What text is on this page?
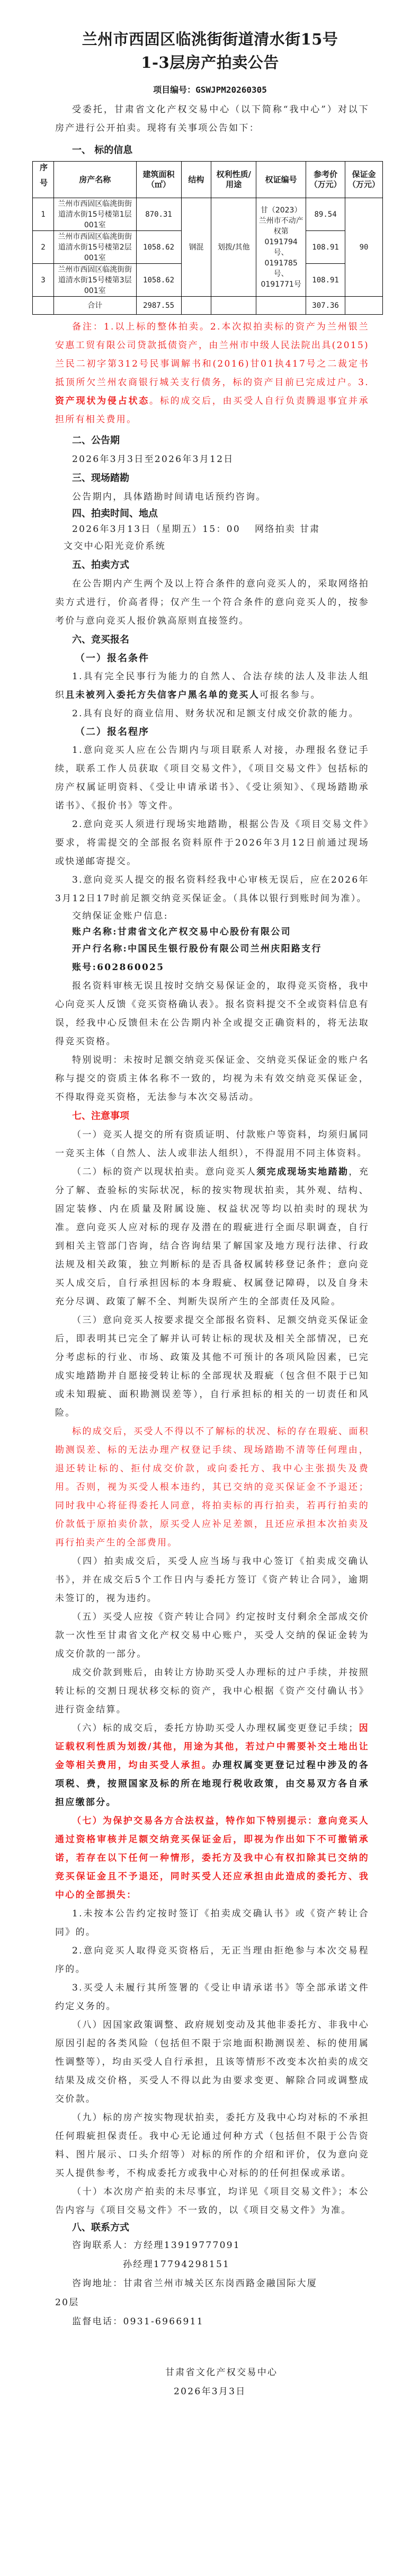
兰州市西固区临洮街街道清水街15号
1-3层房产拍卖公告
项目编号：GSWJPM20260305

受委托，甘肃省文化产权交易中心（以下简称“我中心”）对以下房产进行公开拍卖。现将有关事项公告如下：

一、 标的信息
序号	房产名称	建筑面积（㎡）	结构	权利性质/用途	权证编号	参考价（万元）	保证金（万元）
1	兰州市西固区临洮街街道清水街15号楼第1层001室	870.31	钢混	划拨/其他	甘（2023）兰州市不动产权第0191794号、0191785号、0191771号	89.54	90
2	兰州市西固区临洮街街道清水街15号楼第2层001室	1058.62				108.91	
3	兰州市西固区临洮街街道清水街15号楼第3层001室	1058.62				108.91	
	合计	2987.55				307.36	

备注：1.以上标的整体拍卖。2.本次拟拍卖标的资产为兰州银兰安惠工贸有限公司贷款抵债资产，由兰州市中级人民法院出具(2015)兰民二初字第312号民事调解书和(2016)甘01执417号之二裁定书抵顶所欠兰州农商银行城关支行债务，标的资产目前已完成过户。3.资产现状为侵占状态。标的成交后，由买受人自行负责腾退事宜并承担所有相关费用。

二、公告期

2026年3月3日至2026年3月12日

三、现场踏勘

公告期内，具体踏勘时间请电话预约咨询。

四、拍卖时间、地点

2026年3月13日（星期五）15：00　 网络拍卖 甘肃

文交中心阳光竞价系统

五、拍卖方式

在公告期内产生两个及以上符合条件的意向竞买人的，采取网络拍卖方式进行，价高者得；仅产生一个符合条件的意向竞买人的，按参考价与意向竞买人报价孰高原则直接签约。

六、竞买报名
（一）报名条件

1.具有完全民事行为能力的自然人、合法存续的法人及非法人组织且未被列入委托方失信客户黑名单的竞买人可报名参与。

2.具有良好的商业信用、财务状况和足额支付成交价款的能力。

（二）报名程序

1.意向竞买人应在公告期内与项目联系人对接，办理报名登记手续，联系工作人员获取《项目交易文件》，《项目交易文件》包括标的房产权属证明资料、《受让申请承诺书》、《受让须知》、《现场踏勘承诺书》、《报价书》等文件。

2.意向竞买人须进行现场实地踏勘，根据公告及《项目交易文件》要求，将需提交的全部报名资料原件于2026年3月12日前通过现场或快递邮寄提交。

3.意向竞买人提交的报名资料经我中心审核无误后，应在2026年3月12日17时前足额交纳竞买保证金。（具体以银行到账时间为准）。

交纳保证金账户信息:

账户名称:甘肃省文化产权交易中心股份有限公司

开户行名称:中国民生银行股份有限公司兰州庆阳路支行

账号:602860025

报名资料审核无误且按时交纳交易保证金的，取得竞买资格，我中心向竞买人反馈《竞买资格确认表》。报名资料提交不全或资料信息有误，经我中心反馈但未在公告期内补全或提交正确资料的，将无法取得竞买资格。

特别说明：未按时足额交纳竞买保证金、交纳竞买保证金的账户名称与提交的资质主体名称不一致的，均视为未有效交纳竞买保证金，不得取得竞买资格，无法参与本次交易活动。

七、注意事项

（一）竞买人提交的所有资质证明、付款账户等资料，均须归属同一竞买主体（自然人、法人或非法人组织），不得混用不同主体资料。

（二）标的资产以现状拍卖。意向竞买人须完成现场实地踏勘，充分了解、查验标的实际状况，标的按实物现状拍卖，其外观、结构、固定装修、内在质量及附属设施、权益状况等均以拍卖时的现状为准。意向竞买人应对标的现存及潜在的瑕疵进行全面尽职调查，自行到相关主管部门咨询，结合咨询结果了解国家及地方现行法律、行政法规及相关政策，独立判断标的是否具备权属转移登记条件；意向竞买人成交后，自行承担因标的本身瑕疵、权属登记障碍，以及自身未充分尽调、政策了解不全、判断失误所产生的全部责任及风险。

（三）意向竞买人按要求提交全部报名资料、足额交纳竞买保证金后，即表明其已完全了解并认可转让标的现状及相关全部情况，已充分考虑标的行业、市场、政策及其他不可预计的各项风险因素，已完成实地踏勘并自愿接受转让标的全部现状及瑕疵（包含但不限于已知或未知瑕疵、面积勘测误差等），自行承担标的相关的一切责任和风险。

标的成交后，买受人不得以不了解标的状况、标的存在瑕疵、面积勘测误差、标的无法办理产权登记手续、现场踏勘不清等任何理由，退还转让标的、拒付成交价款，或向委托方、我中心主张损失及费用。否则，视为买受人根本违约，其已交纳的竞买保证金不予退还；同时我中心将征得委托人同意，将拍卖标的再行拍卖，若再行拍卖的价款低于原拍卖价款，原买受人应补足差额，且还应承担本次拍卖及再行拍卖产生的全部费用。

（四）拍卖成交后，买受人应当场与我中心签订《拍卖成交确认书》，并在成交后5个工作日内与委托方签订《资产转让合同》，逾期未签订的，视为违约。

（五）买受人应按《资产转让合同》约定按时支付剩余全部成交价款一次性至甘肃省文化产权交易中心账户，买受人交纳的保证金转为成交价款的一部分。

成交价款到账后，由转让方协助买受人办理标的过户手续，并按照转让标的交割日现状移交标的资产，我中心根据《资产交付确认书》进行资金结算。

（六）标的成交后，委托方协助买受人办理权属变更登记手续；因证载权利性质为划拨/其他，用途为其他，若过户中需要补交土地出让金等相关费用，均由买受人承担。办理权属变更登记过程中涉及的各项税、费，按照国家及标的所在地现行税收政策，由交易双方各自承担应缴部分。

（七）为保护交易各方合法权益，特作如下特别提示：意向竞买人通过资格审核并足额交纳竞买保证金后，即视为作出如下不可撤销承诺，若存在以下任何一种情形，委托方及我中心有权扣除其已交纳的竞买保证金且不予退还，同时买受人还应承担由此造成的委托方、我中心的全部损失：

1.未按本公告约定按时签订《拍卖成交确认书》或《资产转让合同》的。

2.意向竞买人取得竞买资格后，无正当理由拒绝参与本次交易程序的。

3.买受人未履行其所签署的《受让申请承诺书》等全部承诺文件约定义务的。

（八）因国家政策调整、政府规划变动及其他非委托方、非我中心原因引起的各类风险（包括但不限于宗地面积勘测误差、标的使用属性调整等），均由买受人自行承担，且该等情形不改变本次拍卖的成交结果及成交价格，买受人不得以此为由要求变更、解除合同或调整成交价款。

（九）标的房产按实物现状拍卖，委托方及我中心均对标的不承担任何瑕疵担保责任。我中心无论通过何种方式（包括但不限于公告资料、图片展示、口头介绍等）对标的所作的介绍和评价，仅为意向竞买人提供参考，不构成委托方或我中心对标的的任何担保或承诺。

（十）本次房产拍卖的未尽事宜，均详见《项目交易文件》；本公告内容与《项目交易文件》不一致的，以《项目交易文件》为准。

八、联系方式

咨询联系人：方经理13919777091

孙经理17794298151

咨询地址：甘肃省兰州市城关区东岗西路金融国际大厦

20层

监督电话：0931-6966911

甘肃省文化产权交易中心

2026年3月3日
